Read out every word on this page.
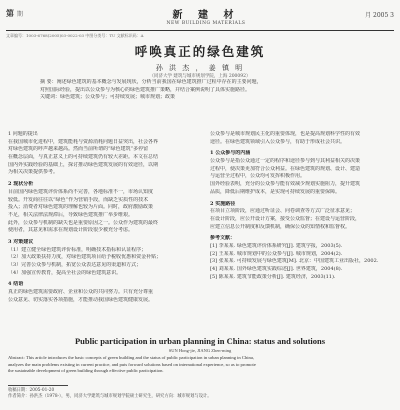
第 期	新 建 材
NEW BUILDING MATERIALS
月 2005 3
文章编号：1003-6768(2005)03-0022-03 中图分类号：TU 文献标识码：A
呼唤真正的绿色建筑
孙 洪 杰 ， 姜 镇 明
（同济大学 建筑与城市规划学院，上海 200092）
摘 要：阐述绿色建筑的基本概念与发展现状，分析当前我国在绿色建筑推广过程中存在的主要问题，
对照国际经验，提出以公众参与为核心的绿色建筑推广策略，并结合案例说明了具体实施路径。
关键词：绿色建筑；公众参与；可持续发展；城市规划；政策
1 问题的提出
在我国城市化进程中，建筑能耗与资源消耗问题日益突出，社会各界
对绿色建筑的呼声越来越高。然而当前所谓的“绿色建筑”多停留
在概念层面，与真正意义上的可持续建筑仍有较大差距。本文在总结
国内外实践经验的基础上，探讨推动绿色建筑发展的有效途径，以期
为相关决策提供参考。
2 现状分析
目前国内绿色建筑评价体系尚不完善，各地标准不一，市场认知度
较低。开发商往往以“绿色”作为营销手段，而缺乏实质性的技术
投入；消费者对绿色建筑的理解也较为片面。同时，政府激励政策
不足，相关法律法规滞后，导致绿色建筑推广举步维艰。
此外，公众参与机制的缺失也是重要原因之一。公众作为建筑的最终
使用者，其意见和需求在规划设计阶段很少被充分考虑。
3 对策建议
（1）建立健全绿色建筑评价标准，明确技术指标和认证程序；
（2）加大政策扶持力度，对绿色建筑项目给予税收优惠和资金补贴；
（3）完善公众参与机制，拓宽公众表达意见的渠道和方式；
（4）加强宣传教育，提高全社会的绿色建筑意识。
4 结语
真正的绿色建筑需要政府、企业和公众的共同努力。只有充分尊重
公众意见、切实落实各项措施，才能推动我国绿色建筑健康发展。
公众参与是城市规划民主化的重要体现，也是提高规划科学性的有效
途径。在绿色建筑领域引入公众参与，有助于形成社会共识。
1 公众参与的内涵
公众参与是指公众通过一定的程序和途径参与到与其利益相关的决策
过程中，使决策更加符合公众利益。在绿色建筑的规划、设计、建造
与运营全过程中，公众均可发挥积极作用。
国外经验表明，充分的公众参与能有效减少规划实施阻力，提升建筑
品质，降低后期维护成本，是实现可持续发展的重要保障。
2 实施路径
在项目立项阶段，应通过听证会、问卷调查等方式广泛征求意见；
在设计阶段，应公开设计方案，接受公众监督；在建设与运营阶段，
应建立信息公开制度和反馈机制，确保公众的知情权和监督权。
参考文献：
[1] 李某某. 绿色建筑评价体系研究[J]. 建筑学报，2003(5).
[2] 王某某. 城市规划中的公众参与[J]. 城市规划，2004(2).
[3] 张某某. 可持续发展与绿色建筑[M]. 北京：中国建筑工业出版社，2002.
[4] 刘某某. 国外绿色建筑实践综述[J]. 世界建筑，2004(8).
[5] 陈某某. 建筑节能政策分析[J]. 建筑经济，2003(11).
Public participation in urban planning in China: status and solutions
SUN Hong-jie, JIANG Zhen-ming
Abstract: This article introduces the basic concepts of green building and the status of public participation in urban planning in China,
analyzes the main problems existing in current practice, and puts forward solutions based on international experience, so as to promote
the sustainable development of green building through effective public participation.
收稿日期：2005-01-20
作者简介：孙洪杰（1978-），男，同济大学建筑与城市规划学院硕士研究生，研究方向：城市规划与设计。
